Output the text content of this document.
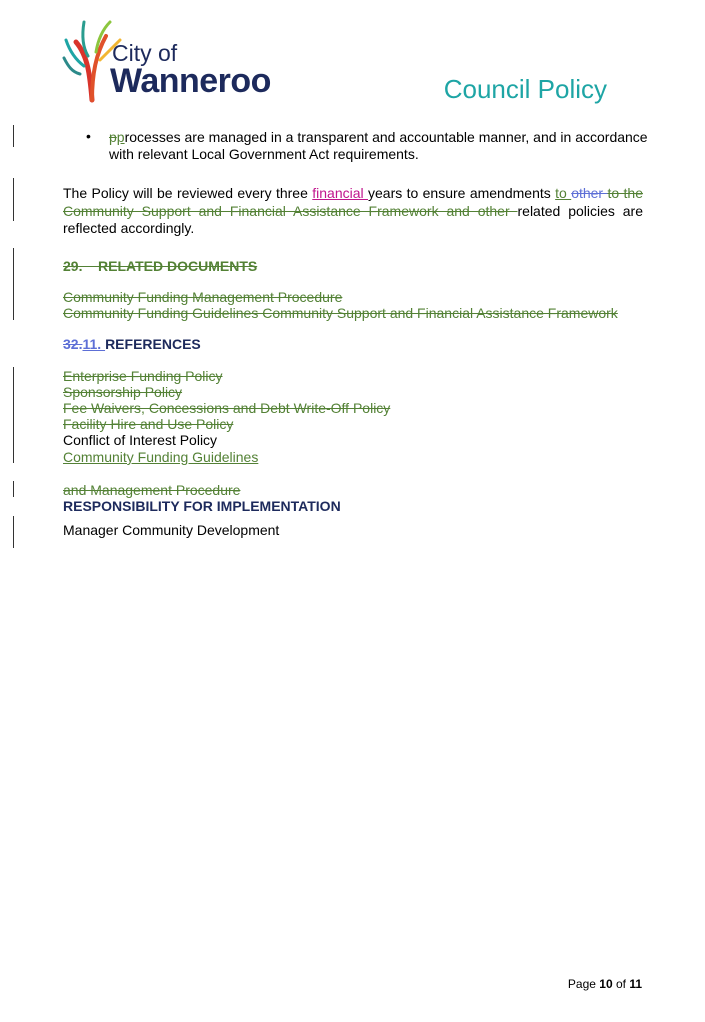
City of
Wanneroo	Council Policy
• pprocesses are managed in a transparent and accountable manner, and in accordance
with relevant Local Government Act requirements.
The Policy will be reviewed every three financial years to ensure amendments to other to the Community Support and Financial Assistance Framework and other related policies are reflected accordingly.
29.    RELATED DOCUMENTS
Community Funding Management Procedure
Community Funding Guidelines Community Support and Financial Assistance Framework
32.11. REFERENCES
Enterprise Funding Policy
Sponsorship Policy
Fee Waivers, Concessions and Debt Write-Off Policy
Facility Hire and Use Policy
Conflict of Interest Policy
Community Funding Guidelines
and Management Procedure
RESPONSIBILITY FOR IMPLEMENTATION
Manager Community Development
Page 10 of 11
